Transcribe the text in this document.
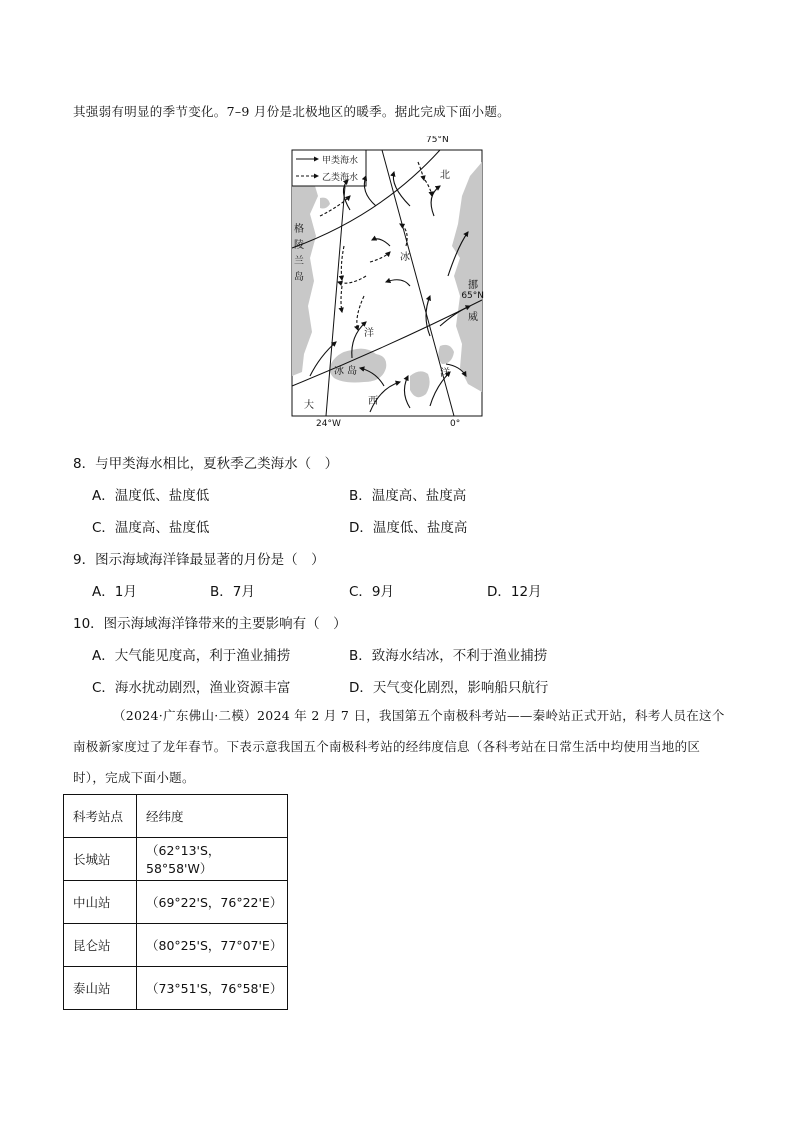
其强弱有明显的季节变化。7–9 月份是北极地区的暖季。据此完成下面小题。
甲类海水
乙类海水
75°N
65°N
24°W	0°
北
冰
洋
挪
威
格
陵
兰
岛
冰 岛	洋
大	西
8．与甲类海水相比，夏秋季乙类海水（　）
A．温度低、盐度低	B．温度高、盐度高
C．温度高、盐度低	D．温度低、盐度高
9．图示海域海洋锋最显著的月份是（　）
A．1月	B．7月	C．9月	D．12月
10．图示海域海洋锋带来的主要影响有（　）
A．大气能见度高，利于渔业捕捞	B．致海水结冰，不利于渔业捕捞
C．海水扰动剧烈，渔业资源丰富	D．天气变化剧烈，影响船只航行
（2024·广东佛山·二模）2024 年 2 月 7 日，我国第五个南极科考站——秦岭站正式开站，科考人员在这个南极新家度过了龙年春节。下表示意我国五个南极科考站的经纬度信息（各科考站在日常生活中均使用当地的区时），完成下面小题。
科考站点	经纬度
长城站	（62°13'S，58°58'W）
中山站	（69°22'S，76°22'E）
昆仑站	（80°25'S，77°07'E）
泰山站	（73°51'S，76°58'E）
